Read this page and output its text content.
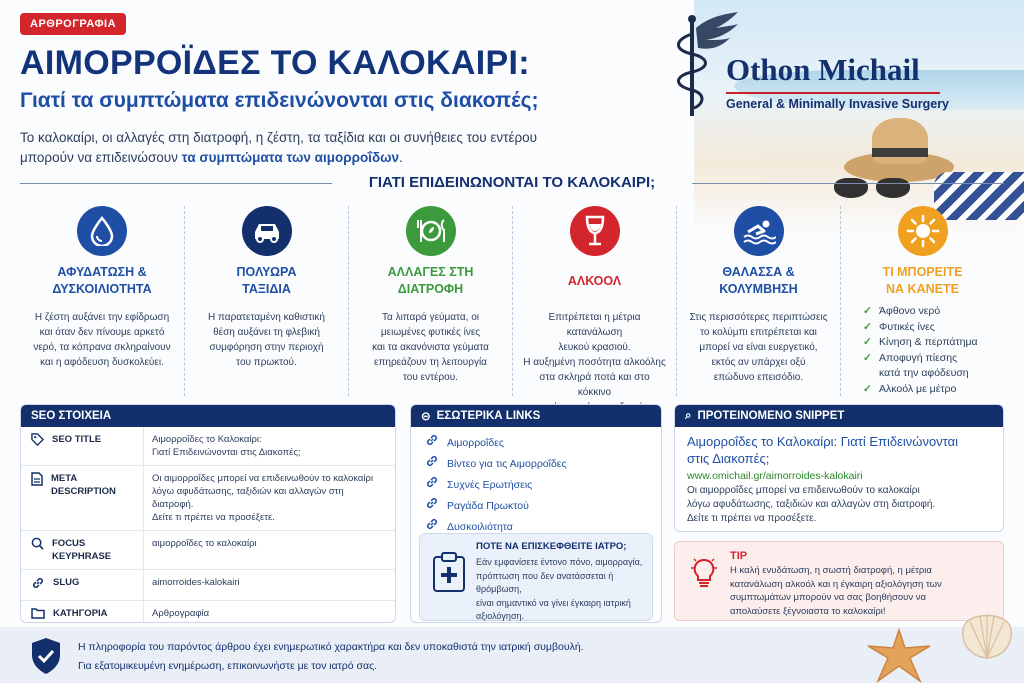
ΑΡΘΡΟΓΡΑΦΙΑ
ΑΙΜΟΡΡΟΪΔΕΣ ΤΟ ΚΑΛΟΚΑΙΡΙ:
Γιατί τα συμπτώματα επιδεινώνονται στις διακοπές;
Το καλοκαίρι, οι αλλαγές στη διατροφή, η ζέστη, τα ταξίδια και οι συνήθειες του εντέρου
μπορούν να επιδεινώσουν τα συμπτώματα των αιμορροΐδων.
Othon Michail
General & Minimally Invasive Surgery
ΓΙΑΤΙ ΕΠΙΔΕΙΝΩΝΟΝΤΑΙ ΤΟ ΚΑΛΟΚΑΙΡΙ;
ΑΦΥΔΑΤΩΣΗ &
ΔΥΣΚΟΙΛΙΟΤΗΤΑ

Η ζέστη αυξάνει την εφίδρωση
και όταν δεν πίνουμε αρκετό
νερό, τα κόπρανα σκληραίνουν
και η αφόδευση δυσκολεύει.

ΠΟΛΥΩΡΑ
ΤΑΞΙΔΙΑ

Η παρατεταμένη καθιστική
θέση αυξάνει τη φλεβική
συμφόρηση στην περιοχή
του πρωκτού.

ΑΛΛΑΓΕΣ ΣΤΗ
ΔΙΑΤΡΟΦΗ

Τα λιπαρά γεύματα, οι
μειωμένες φυτικές ίνες
και τα ακανόνιστα γεύματα
επηρεάζουν τη λειτουργία
του εντέρου.

ΑΛΚΟΟΛ

Επιτρέπεται η μέτρια κατανάλωση
λευκού κρασιού.
Η αυξημένη ποσότητα αλκοόλης
στα σκληρά ποτά και στο κόκκινο

ΘΑΛΑΣΣΑ &
ΚΟΛΥΜΒΗΣΗ

Στις περισσότερες περιπτώσεις
το κολύμπι επιτρέπεται και
μπορεί να είναι ευεργετικό,
εκτός αν υπάρχει οξύ
επώδυνο επεισόδιο.

ΤΙ ΜΠΟΡΕΙΤΕ
ΝΑ ΚΑΝΕΤΕ
✓ Άφθονο νερό
✓ Φυτικές ίνες
✓ Κίνηση & περπάτημα
✓ Αποφυγή πίεσης
κατά την αφόδευση
✓ Αλκοόλ με μέτρο
SEO ΣΤΟΙΧΕΙΑ
SEO TITLE	Αιμορροΐδες το Καλοκαίρι:
Γιατί Επιδεινώνονται στις Διακοπές;
META DESCRIPTION
Οι αιμορροΐδες μπορεί να επιδεινωθούν το καλοκαίρι
λόγω αφυδάτωσης, ταξιδιών και αλλαγών στη διατροφή.
Δείτε τι πρέπει να προσέξετε.
FOCUS KEYPHRASE
αιμορροΐδες το καλοκαίρι
SLUG	aimorroides-kalokairi
ΚΑΤΗΓΟΡΙΑ	Αρθρογραφία
⊝ ΕΣΩΤΕΡΙΚΑ LINKS
Αιμορροΐδες
Βίντεο για τις Αιμορροΐδες
Συχνές Ερωτήσεις
Ραγάδα Πρωκτού
Δυσκοιλιότητα
ΠΟΤΕ ΝΑ ΕΠΙΣΚΕΦΘΕΙΤΕ ΙΑΤΡΟ;
Εάν εμφανίσετε έντονο πόνο, αιμορραγία,
πρόπτωση που δεν ανατάσσεται ή θρόμβωση,
είναι σημαντικό να γίνει έγκαιρη ιατρική
αξιολόγηση.
⌕ ΠΡΟΤΕΙΝΟΜΕΝΟ SNIPPET
Αιμορροΐδες το Καλοκαίρι: Γιατί Επιδεινώνονται
στις Διακοπές;
www.omichail.gr/aimorroides-kalokairi
Οι αιμορροΐδες μπορεί να επιδεινωθούν το καλοκαίρι
λόγω αφυδάτωσης, ταξιδιών και αλλαγών στη διατροφή.
Δείτε τι πρέπει να προσέξετε.
TIP
Η καλή ενυδάτωση, η σωστή διατροφή, η μέτρια
κατανάλωση αλκοόλ και η έγκαιρη αξιολόγηση των
συμπτωμάτων μπορούν να σας βοηθήσουν να
απολαύσετε ξέγνοιαστα το καλοκαίρι!
Η πληροφορία του παρόντος άρθρου έχει ενημερωτικό χαρακτήρα και δεν υποκαθιστά την ιατρική συμβουλή.
Για εξατομικευμένη ενημέρωση, επικοινωνήστε με τον ιατρό σας.
